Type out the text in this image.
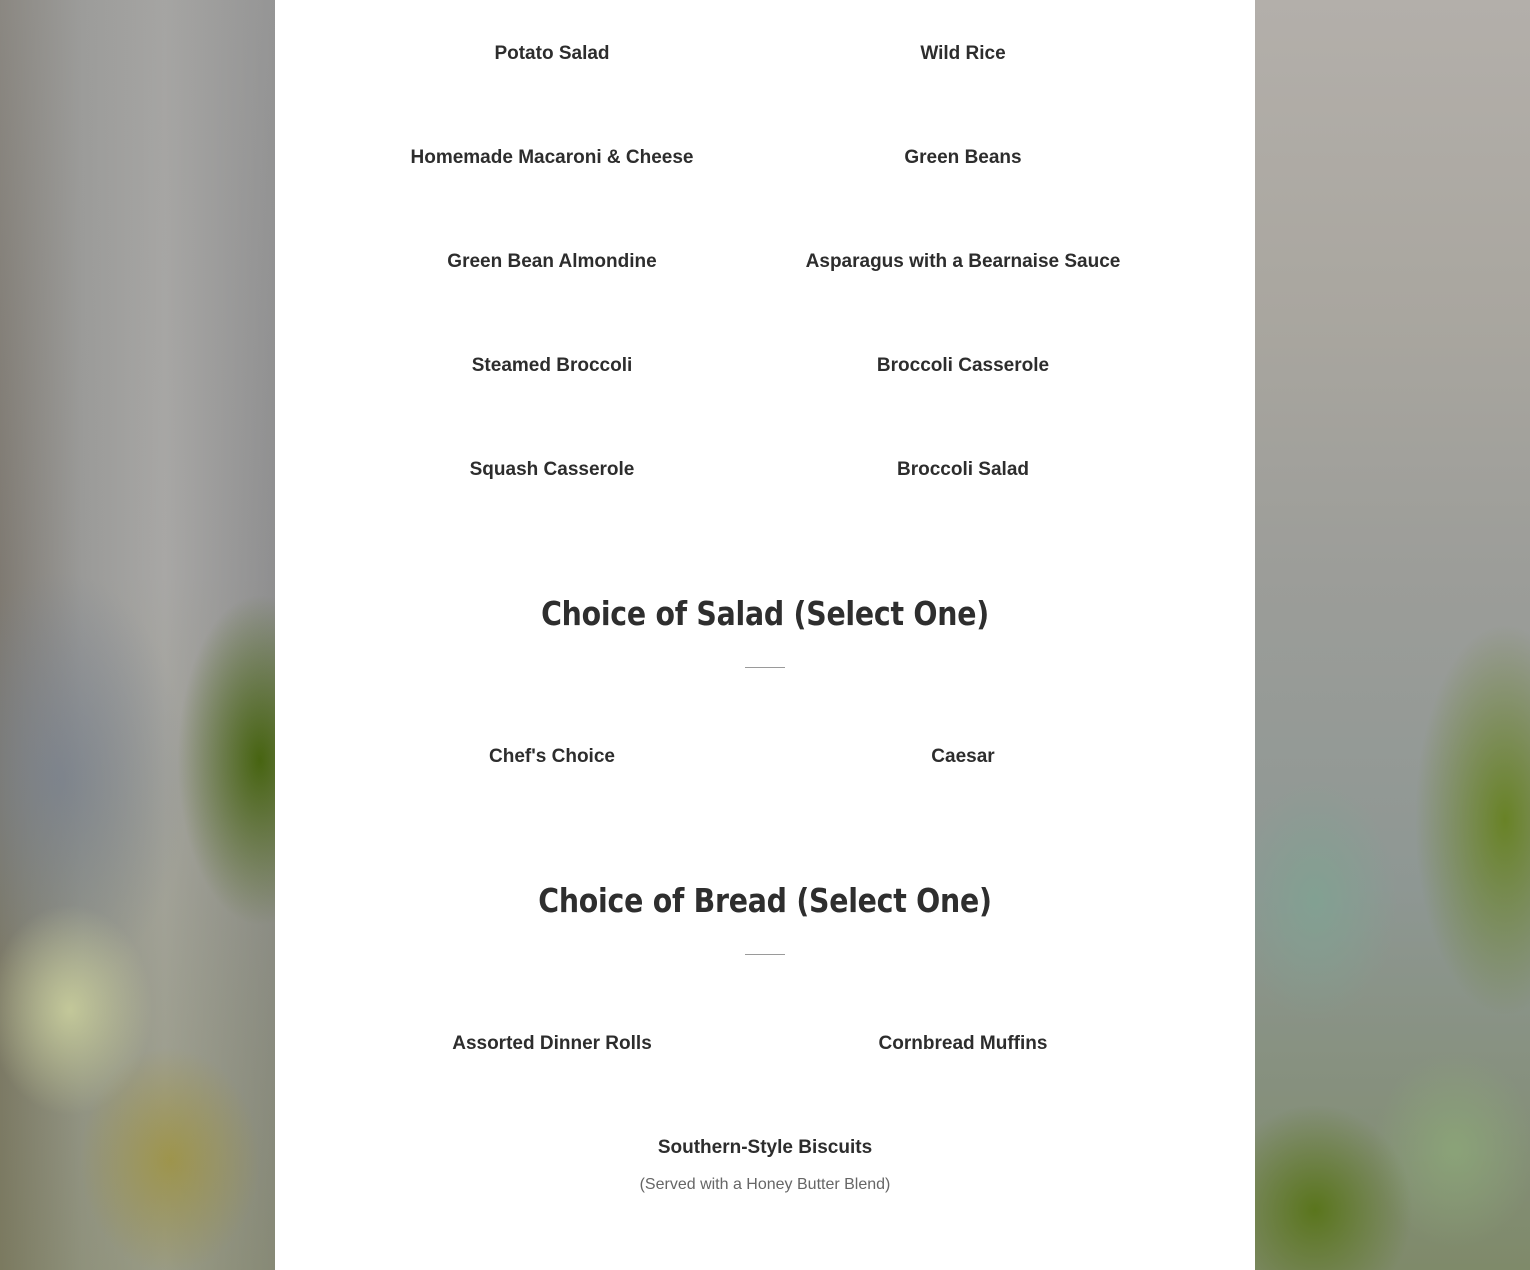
Potato Salad	Wild Rice
Homemade Macaroni & Cheese	Green Beans
Green Bean Almondine	Asparagus with a Bearnaise Sauce
Steamed Broccoli	Broccoli Casserole
Squash Casserole	Broccoli Salad
Choice of Salad (Select One)
Chef's Choice	Caesar
Choice of Bread (Select One)
Assorted Dinner Rolls	Cornbread Muffins
Southern-Style Biscuits
(Served with a Honey Butter Blend)
